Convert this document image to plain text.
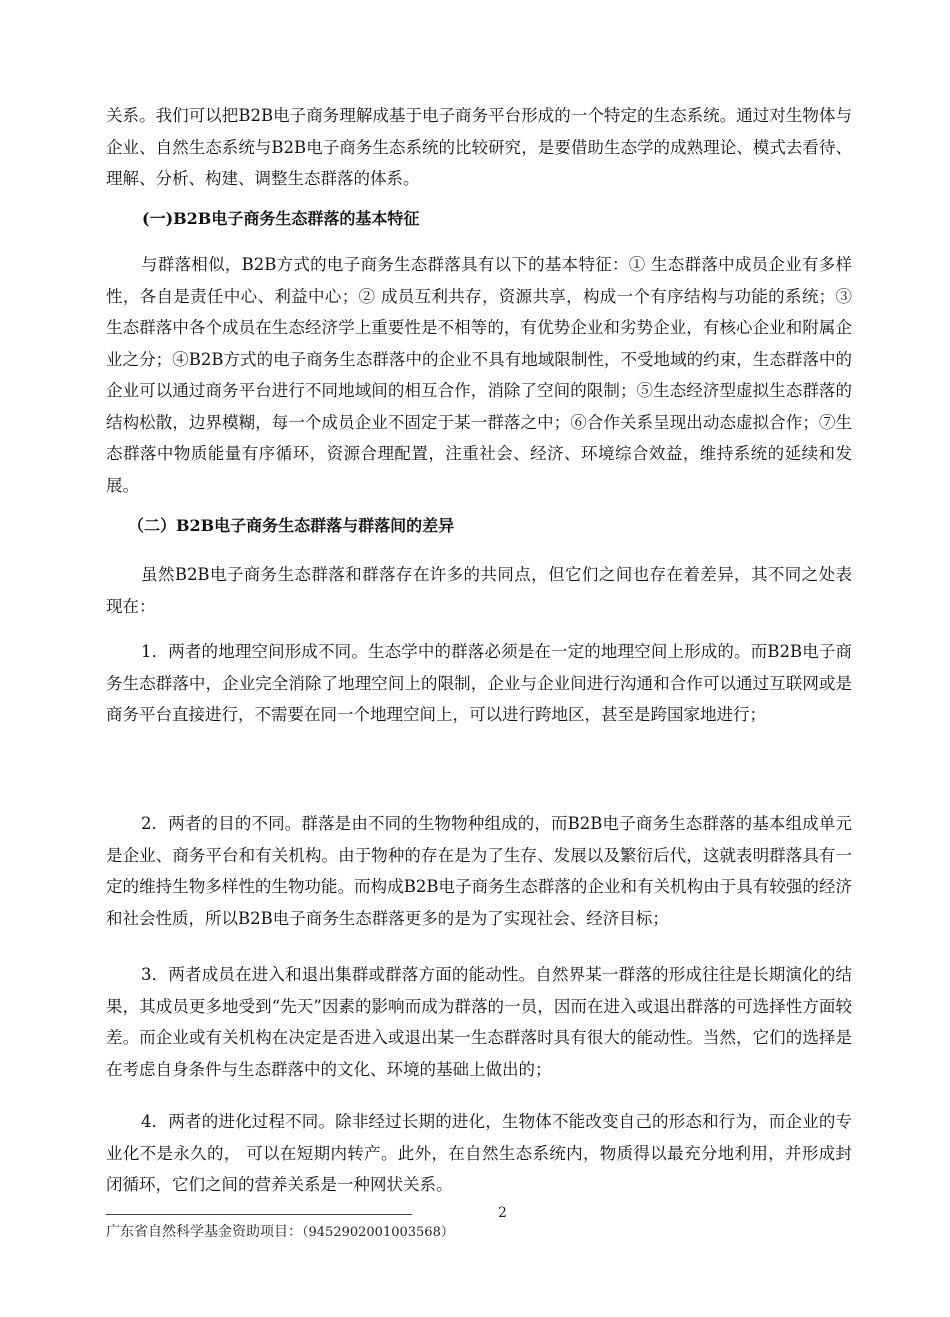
关系。我们可以把B2B电子商务理解成基于电子商务平台形成的一个特定的生态系统。通过对生物体与企业、自然生态系统与B2B电子商务生态系统的比较研究，是要借助生态学的成熟理论、模式去看待、理解、分析、构建、调整生态群落的体系。

(一)B2B电子商务生态群落的基本特征

与群落相似，B2B方式的电子商务生态群落具有以下的基本特征：① 生态群落中成员企业有多样性，各自是责任中心、利益中心；② 成员互利共存，资源共享，构成一个有序结构与功能的系统；③生态群落中各个成员在生态经济学上重要性是不相等的，有优势企业和劣势企业，有核心企业和附属企业之分；④B2B方式的电子商务生态群落中的企业不具有地域限制性，不受地域的约束，生态群落中的企业可以通过商务平台进行不同地域间的相互合作，消除了空间的限制；⑤生态经济型虚拟生态群落的结构松散，边界模糊，每一个成员企业不固定于某一群落之中；⑥合作关系呈现出动态虚拟合作；⑦生态群落中物质能量有序循环，资源合理配置，注重社会、经济、环境综合效益，维持系统的延续和发展。

（二）B2B电子商务生态群落与群落间的差异

虽然B2B电子商务生态群落和群落存在许多的共同点，但它们之间也存在着差异，其不同之处表现在：

1．两者的地理空间形成不同。生态学中的群落必须是在一定的地理空间上形成的。而B2B电子商务生态群落中，企业完全消除了地理空间上的限制，企业与企业间进行沟通和合作可以通过互联网或是商务平台直接进行，不需要在同一个地理空间上，可以进行跨地区，甚至是跨国家地进行；

2．两者的目的不同。群落是由不同的生物物种组成的，而B2B电子商务生态群落的基本组成单元是企业、商务平台和有关机构。由于物种的存在是为了生存、发展以及繁衍后代，这就表明群落具有一定的维持生物多样性的生物功能。而构成B2B电子商务生态群落的企业和有关机构由于具有较强的经济和社会性质，所以B2B电子商务生态群落更多的是为了实现社会、经济目标；

3．两者成员在进入和退出集群或群落方面的能动性。自然界某一群落的形成往往是长期演化的结果，其成员更多地受到“先天”因素的影响而成为群落的一员，因而在进入或退出群落的可选择性方面较差。而企业或有关机构在决定是否进入或退出某一生态群落时具有很大的能动性。当然，它们的选择是在考虑自身条件与生态群落中的文化、环境的基础上做出的；

4．两者的进化过程不同。除非经过长期的进化，生物体不能改变自己的形态和行为，而企业的专业化不是永久的， 可以在短期内转产。此外，在自然生态系统内，物质得以最充分地利用，并形成封闭循环，它们之间的营养关系是一种网状关系。

2

广东省自然科学基金资助项目：（9452902001003568）
